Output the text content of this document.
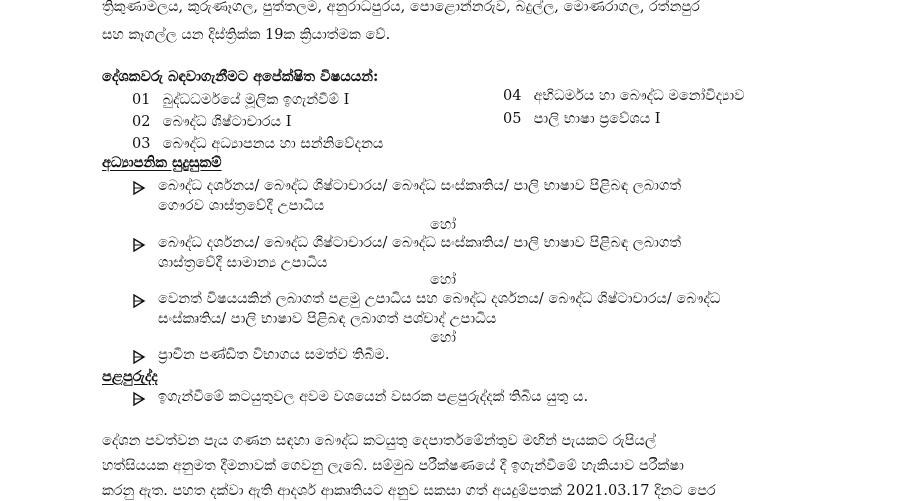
ත්‍රිකුණාමලය, කුරුණෑගල, පුත්තලම, අනුරාධපුරය, පොළොන්නරුව, බදුල්ල, මොණරාගල, රත්නපුර
සහ කෑගල්ල යන දිස්ත්‍රික්ක 19ක ක්‍රියාත්මක වේ.
දේශකවරු බඳවාගැනීමට අපේක්ෂිත විෂයයන්:
01 බුද්ධධර්මයේ මූලික ඉගැන්වීම් I
02 බෞද්ධ ශිෂ්ටාචාරය I
03 බෞද්ධ අධ්‍යාපනය හා සන්නිවේදනය
04 අභිධර්මය හා බෞද්ධ මනෝවිද්‍යාව
05 පාලි භාෂා ප්‍රවේශය I
අධ්‍යාපනික සුදුසුකම්
බෞද්ධ දර්ශනය/ බෞද්ධ ශිෂ්ටාචාරය/ බෞද්ධ සංස්කෘතිය/ පාලි භාෂාව පිළිබඳ ලබාගත්
ගෞරව ශාස්ත්‍රවේදී උපාධිය
හෝ
බෞද්ධ දර්ශනය/ බෞද්ධ ශිෂ්ටාචාරය/ බෞද්ධ සංස්කෘතිය/ පාලි භාෂාව පිළිබඳ ලබාගත්
ශාස්ත්‍රවේදී සාමාන්‍ය උපාධිය
හෝ
වෙනත් විෂයයකින් ලබාගත් පළමු උපාධිය සහ බෞද්ධ දර්ශනය/ බෞද්ධ ශිෂ්ටාචාරය/ බෞද්ධ
සංස්කෘතිය/ පාලි භාෂාව පිළිබඳ ලබාගත් පශ්චාද් උපාධිය
හෝ
ප්‍රාචීන පණ්ඩිත විභාගය සමත්ව තිබීම.
පළපුරුද්ද
ඉගැන්වීමේ කටයුතුවල අවම වශයෙන් වසරක පළපුරුද්දක් තිබිය යුතු ය.
දේශන පවත්වන පැය ගණන සඳහා බෞද්ධ කටයුතු දෙපාර්තමේන්තුව මඟින් පැයකට රුපියල්
හත්සියයක අනුමත දීමනාවක් ගෙවනු ලැබේ. සම්මුඛ පරීක්ෂණයේ දී ඉගැන්වීමේ හැකියාව පරීක්ෂා
කරනු ඇත. පහත දක්වා ඇති ආදර්ශ ආකෘතියට අනුව සකසා ගත් අයදුම්පතක් 2021.03.17 දිනට පෙර
